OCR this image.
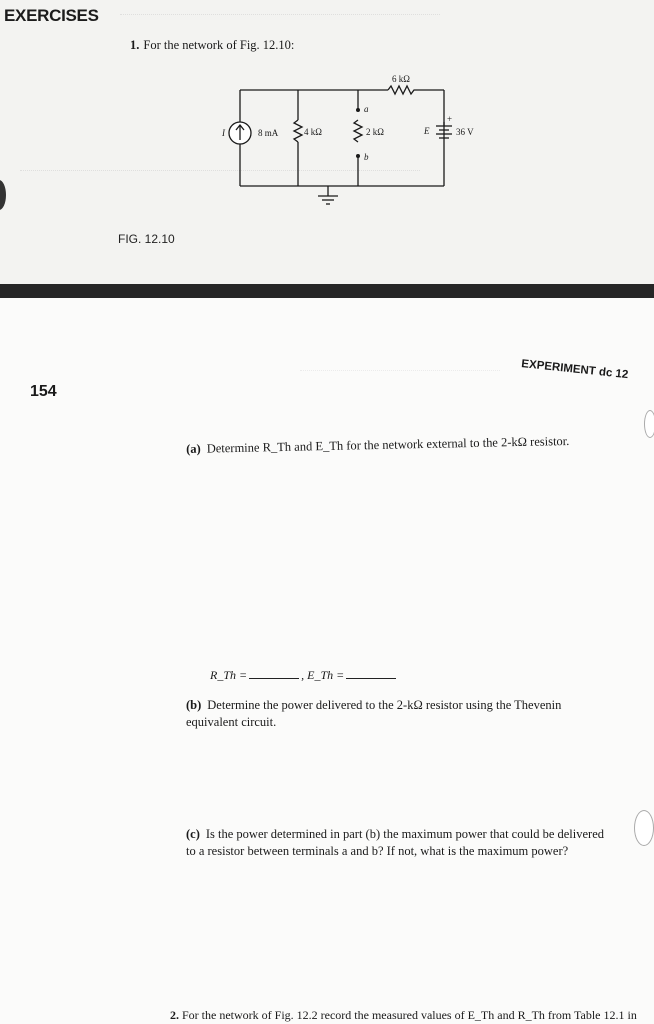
EXERCISES
1. For the network of Fig. 12.10:
I	8 mA	4 kΩ	2 kΩ
6 kΩ
a
b
E
+
36 V
FIG. 12.10
154
EXPERIMENT dc 12
(a) Determine R_Th and E_Th for the network external to the 2-kΩ resistor.
R_Th =	, E_Th =
(b) Determine the power delivered to the 2-kΩ resistor using the Thevenin equivalent circuit.
(c) Is the power determined in part (b) the maximum power that could be delivered to a resistor between terminals a and b? If not, what is the maximum power?
2. For the network of Fig. 12.2 record the measured values of E_Th and R_Th from Table 12.1 in
